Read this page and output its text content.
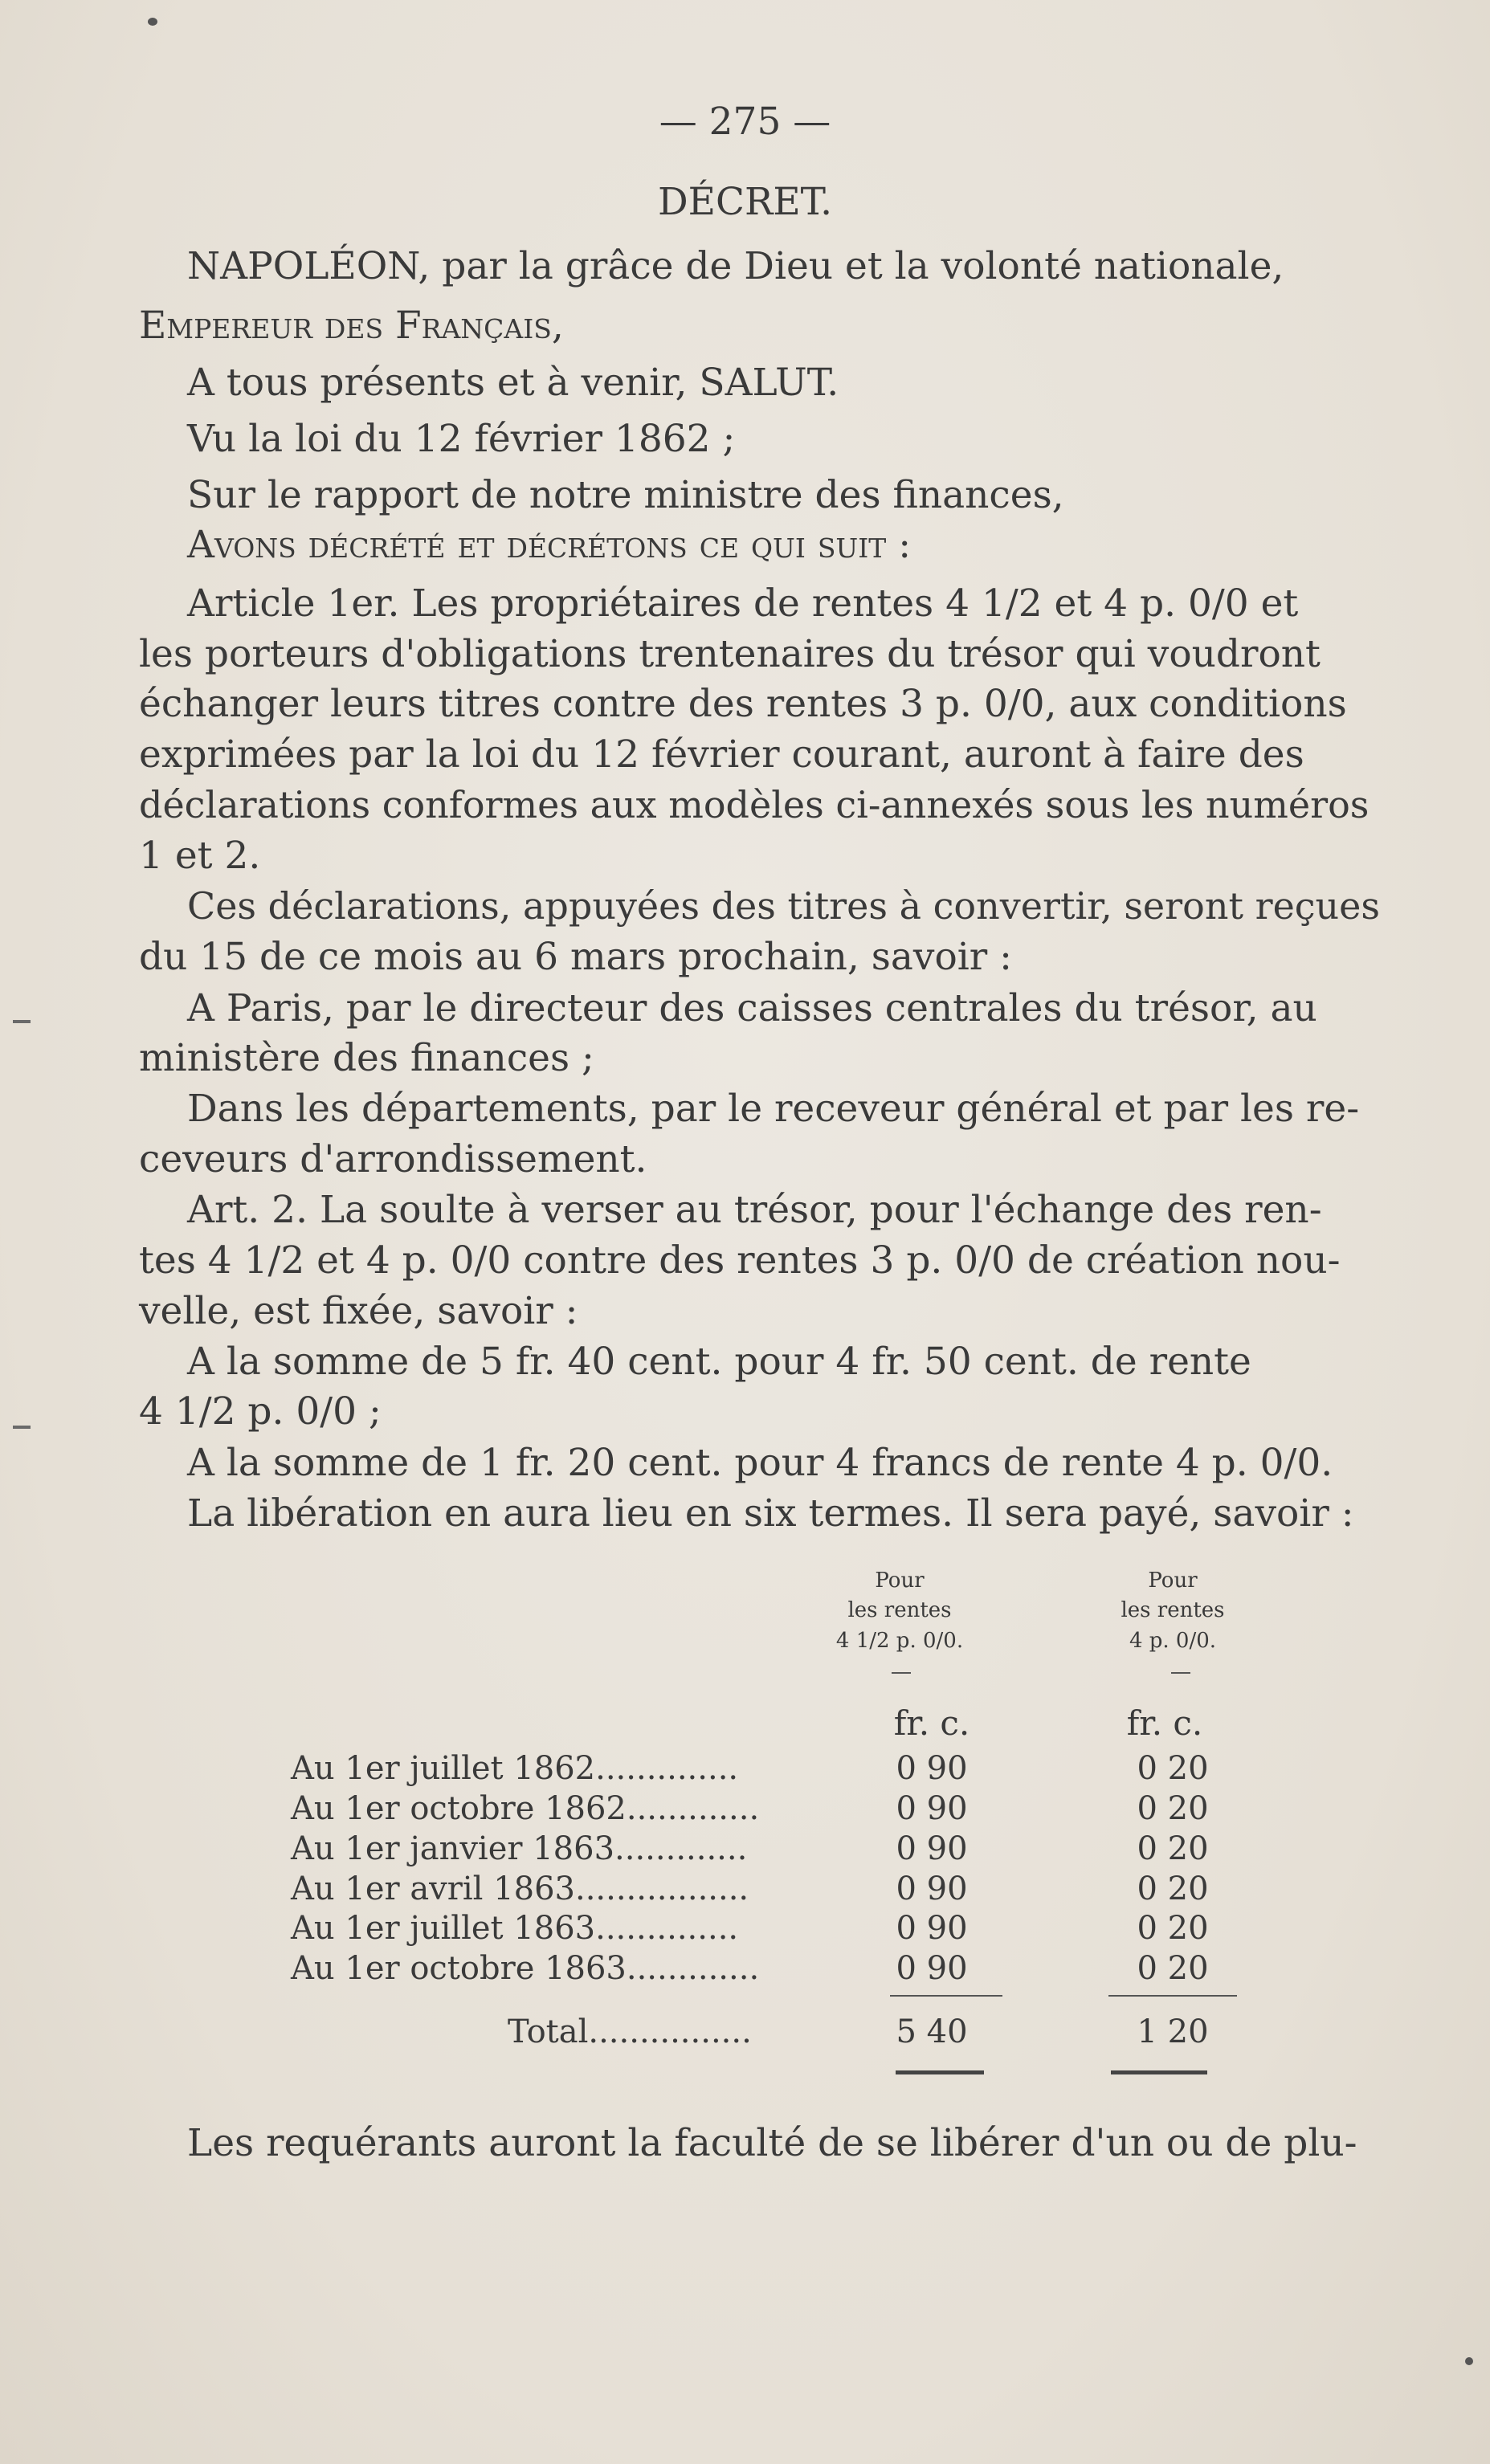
— 275 —
DÉCRET.
NAPOLÉON, par la grâce de Dieu et la volonté nationale,
Empereur des Français,
A tous présents et à venir, SALUT.
Vu la loi du 12 février 1862 ;
Sur le rapport de notre ministre des finances,
Avons décrété et décrétons ce qui suit :
Article 1er. Les propriétaires de rentes 4 1/2 et 4 p. 0/0 et
les porteurs d'obligations trentenaires du trésor qui voudront
échanger leurs titres contre des rentes 3 p. 0/0, aux conditions
exprimées par la loi du 12 février courant, auront à faire des
déclarations conformes aux modèles ci-annexés sous les numéros
1 et 2.
Ces déclarations, appuyées des titres à convertir, seront reçues
du 15 de ce mois au 6 mars prochain, savoir :
A Paris, par le directeur des caisses centrales du trésor, au
ministère des finances ;
Dans les départements, par le receveur général et par les re-
ceveurs d'arrondissement.
Art. 2. La soulte à verser au trésor, pour l'échange des ren-
tes 4 1/2 et 4 p. 0/0 contre des rentes 3 p. 0/0 de création nou-
velle, est fixée, savoir :
A la somme de 5 fr. 40 cent. pour 4 fr. 50 cent. de rente
4 1/2 p. 0/0 ;
A la somme de 1 fr. 20 cent. pour 4 francs de rente 4 p. 0/0.
La libération en aura lieu en six termes. Il sera payé, savoir :
Pour
les rentes
4 1/2 p. 0/0.
Pour
les rentes
4 p. 0/0.
fr. c.	fr. c.
Au 1er juillet 1862..............	0 90	0 20
Au 1er octobre 1862.............	0 90	0 20
Au 1er janvier 1863.............	0 90	0 20
Au 1er avril 1863.................	0 90	0 20
Au 1er juillet 1863..............	0 90	0 20
Au 1er octobre 1863.............	0 90	0 20
Total................	5 40	1 20
Les requérants auront la faculté de se libérer d'un ou de plu-
